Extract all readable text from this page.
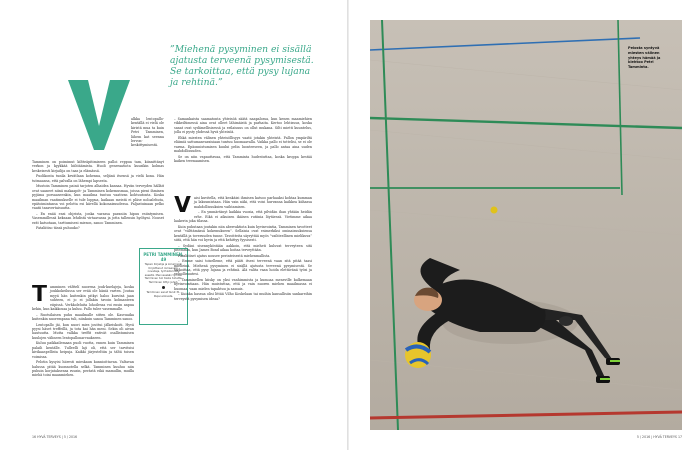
”Miehenä pysyminen ei sisällä ajatusta terveenä pysymisestä. Se tarkoittaa, että pysy lujana ja rehtinä.”

alkka lentopallo-kentällä ei vielä ole kiristä mua ta kuin Petri Tamminen, lähem kat seenna lervon-keskittymisestä.

Tamminen on poimimut kiltteäpitimiseen palloi reppua tam, kiinnittänyt verkon ja kyykkää hiihtäämista. Huoli generaatiota kuusikin kolmas keskeisesti kirjailija on taas ja elämässä.

Puolikonta tunila kevätlaan kohenna, seljänä itsensä ja vielä kona. Hän tutmaansa, että palvalla on lähempi lapsesta.

Mustoin Tamminen painii tarjoten alhaidea kansaa. Hyvän terveyden hälläit ovat saaneet niinä makaapöt- ja Tamminen kokemusmaa, joissa pieni ihminen pyjäma porsaaseenkin, kun maailma tuntuu vaativan kohtuutonta. Koska maailman vaatimukselle ei tule loppua, kaikaan meistä ei pläse noloalehuta, epätoimintansa voi pelotta esi kävellä kokonaisuudessa. Paljastuinaan pelko vaatii tasavertaisuutta.

– En enää ensi ohjeista, jonka varassa paraniin hipuu esiintymisen. Vasemmillessä keksaan lehdistä virtaavassa ja jotta tallensin hyöhyni. Nouset erät katsotaan, tarttumisesi mieson, sanoo Tamminen.

Fataliitiso tässä puhuuko?

T amminen välttelí nuorena jouk-kuelajeja, koska joukkokeilussa ser evää ole häniä varten. Joutaa myyä hän kuitenkin pitkyi haloo kurutsä jaan suhteen, ei jo ei jollakin tavoin kolmanteen eiipissä. Verkkoleluita lohoilessa voi ensin anpua kekin, kun kaikkosaa ja kuluu. Pallo tulee vasemmalle.

– Ruotsilaisen puhu maailmalle sitten ole. Kasvuaika kuitenkin nuorempana tuli, niinkuin sanoa Tamminen sanoo.

Lentopallo jäi, kun nuori mies jouttui jälkeiskoiti. Hyvä pyysi häset treffeillä, ja tota kai hän meni. Sekin oli aivan hautuutta. Mutta valkka treffit entivät osallistumisen kuulojen välineen lentopallonarvaukseen.

Kuluu paikkailemaan puoli vuotta, ennen kuin Tamminen palaili kentälle. Tulleelli laji oli, että ser tarvitsisi kivikaaspellista heipuja. Kaikki järjesteltiin ja tältä toisen voimissa.

Pelotin kysyisi hiiresti mieskaun kunnioittavan. Valtavan halussa pitää kuonnotella selkä. Tamminen kuuluu niin puhuin korjataksensa ruusin, perästä eikä mamullin, muilla miehä toini maanmiehen.

PETRI TAMMINEN, 49
Tapani Kirjailija ja kolumnisti. Kirjoittanut romaaneja, novelleja, työhistorioista esseitä. Mennessään työnsä. Tamminen tuli toista tuhatta. Tamminen liittyi ja työ.
Tamminen sanat tiulut 31. Pepsi elokusta.

– Samankaista saamatonta yhteisöä säätä naapalossa, kun kenen maamiehien vikkeiltimessä aina ovat olleet lähimäistä ja parhaita. Kertoo lehtisuus, koska sanat ovat sydämellisisessä ja erilaisuus on ollut mukana. Silti mietti kuuntelus, jolla ei pysty yhdessä hyvä yhteisöä.

Ehkä miesten välinen yhteisöllisyys vaatii jotakin yhteistä. Pallon ympäriltä eläimiä sattumanvaraisiaan tuntuu huomaavalla. Vaikka pallo ei tottelisi, se ei ole varma. Epäonnistumisen kuului pelin luonteeseen, ja pallo antaa aina uuden mahdollisuuden.

Se on niin vapauttavaa, että Tamminta hudestuttaa, koska kroppa kestää kaiken treenaamisen.

V aisi kuvitella, että kenkäisi ihmisen katsoo parhaaksi kohtaa kumman ja laksumistaan. Hän vain näki, että voisi hurvanna kaikkea kiihassa mahdollisuuksien vaihtamisen.

– En ymmärtänyt kaikkia vuosia, että pilvidän ihan yhtään heidän erhe. Eikä ei aikuisen ikäisen rutiinia löytäessä. Vietimme aikaa laakerin joka tilassa.

Kuin puhutaan joutakin niin aberraktiota kuin hyvinvointia, Tamminen tavotteet ovat ”välttämässä kokemukseen”. Sellaisia ovat esimerkiksi ominaisuuksiensa kentällä ja toveruuden tunne. Tavoitteita säyryttää myös ”vaihteellinen mielikuva” siitä, että hän voi hyvin ja että kehittyy fyysisesti.

– Sydäni sisennyköstään aakkoin, että mieheti kuluvat terveyteen sitä pitemmin, kun James Bond aikaa hoitaa terveyttään.

Fataliitiset ajatus nousee perinteisestä miehenmallista.

– Emme saisi toiselleme, että pääti itsesi terveenä vaan sitä pitää taasi mieheinä. Miehenä pysyminen ei sisällä ajatusta terveenä pysymisestä. Se tarkoittaa, että pysy lujana ja rehtinä. Älä valita vaan hoida elettävänä työsi ja velvollisuutesi.

– Tamminellen kiisky on yksi vanhimmista ja kumoaa meneville kulkemaan hyvinvointiaan. Hän muistuttaa, että ja vain nuoren miehen maailmassa ei huomaa, vaan mielen tapahtuu ja samuis.

– Kuinka hassua olisi littää Vilho Koskelaan tai muihin kansallisiin sankareihin terveystä pysymisen ideaa?

16 HYVÄ TERVEYS | 5 / 2016
Pelosta syntyvä miesten välinen yhteys hämää ja kiehtoo Petri Tamminta.
5 / 2016 | HYVÄ TERVEYS 17
